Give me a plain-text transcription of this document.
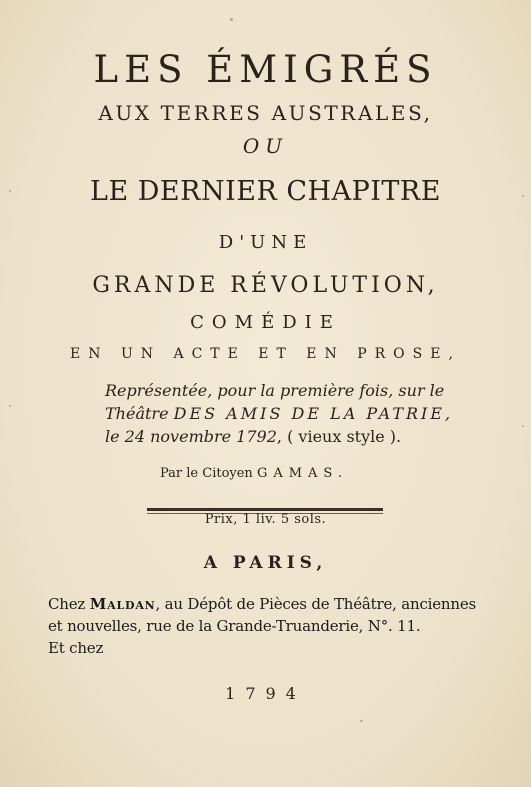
LES ÉMIGRÉS

AUX TERRES AUSTRALES,

OU

LE DERNIER CHAPITRE

D'UNE

GRANDE RÉVOLUTION,

COMÉDIE

EN UN ACTE ET EN PROSE,

Représentée, pour la première fois, sur le
Théâtre DES AMIS DE LA PATRIE,
le 24 novembre 1792, ( vieux style ).
Par le Citoyen GAMAS.

Prix, 1 liv. 5 sols.

A PARIS,

Chez Maldan, au Dépôt de Pièces de Théâtre, anciennes
et nouvelles, rue de la Grande-Truanderie, N°. 11.
Et chez

1794
